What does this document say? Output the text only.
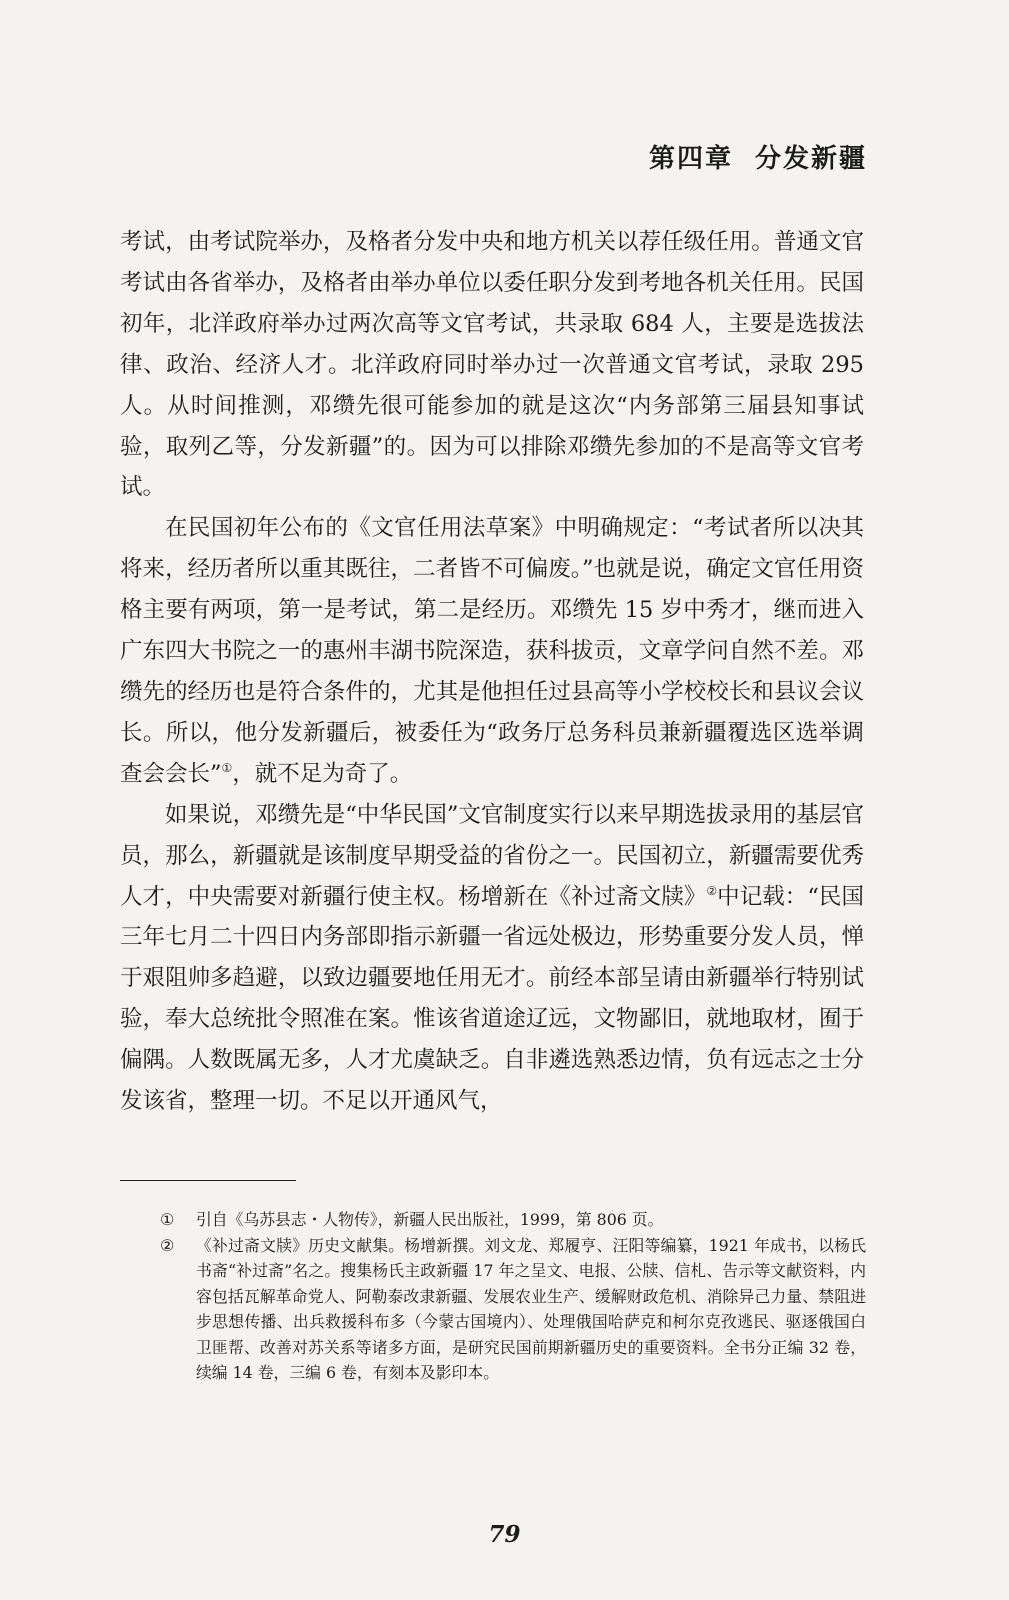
第四章 分发新疆

考试，由考试院举办，及格者分发中央和地方机关以荐任级任用。普通文官考试由各省举办，及格者由举办单位以委任职分发到考地各机关任用。民国初年，北洋政府举办过两次高等文官考试，共录取 684 人，主要是选拔法律、政治、经济人才。北洋政府同时举办过一次普通文官考试，录取 295 人。从时间推测，邓缵先很可能参加的就是这次“内务部第三届县知事试验，取列乙等，分发新疆”的。因为可以排除邓缵先参加的不是高等文官考试。

在民国初年公布的《文官任用法草案》中明确规定：“考试者所以决其将来，经历者所以重其既往，二者皆不可偏废。”也就是说，确定文官任用资格主要有两项，第一是考试，第二是经历。邓缵先 15 岁中秀才，继而进入广东四大书院之一的惠州丰湖书院深造，获科拔贡，文章学问自然不差。邓缵先的经历也是符合条件的，尤其是他担任过县高等小学校校长和县议会议长。所以，他分发新疆后，被委任为“政务厅总务科员兼新疆覆选区选举调查会会长”①，就不足为奇了。

如果说，邓缵先是“中华民国”文官制度实行以来早期选拔录用的基层官员，那么，新疆就是该制度早期受益的省份之一。民国初立，新疆需要优秀人才，中央需要对新疆行使主权。杨增新在《补过斋文牍》②中记载：“民国三年七月二十四日内务部即指示新疆一省远处极边，形势重要分发人员，惮于艰阻帅多趋避，以致边疆要地任用无才。前经本部呈请由新疆举行特别试验，奉大总统批令照准在案。惟该省道途辽远，文物鄙旧，就地取材，囿于偏隅。人数既属无多，人才尤虞缺乏。自非遴选熟悉边情，负有远志之士分发该省，整理一切。不足以开通风气，

① 引自《乌苏县志・人物传》，新疆人民出版社，1999，第 806 页。
② 《补过斋文牍》历史文献集。杨增新撰。刘文龙、郑履亨、汪阳等编纂，1921 年成书，以杨氏书斋“补过斋”名之。搜集杨氏主政新疆 17 年之呈文、电报、公牍、信札、告示等文献资料，内容包括瓦解革命党人、阿勒泰改隶新疆、发展农业生产、缓解财政危机、消除异己力量、禁阻进步思想传播、出兵救援科布多（今蒙古国境内）、处理俄国哈萨克和柯尔克孜逃民、驱逐俄国白卫匪帮、改善对苏关系等诸多方面，是研究民国前期新疆历史的重要资料。全书分正编 32 卷，续编 14 卷，三编 6 卷，有刻本及影印本。
79
